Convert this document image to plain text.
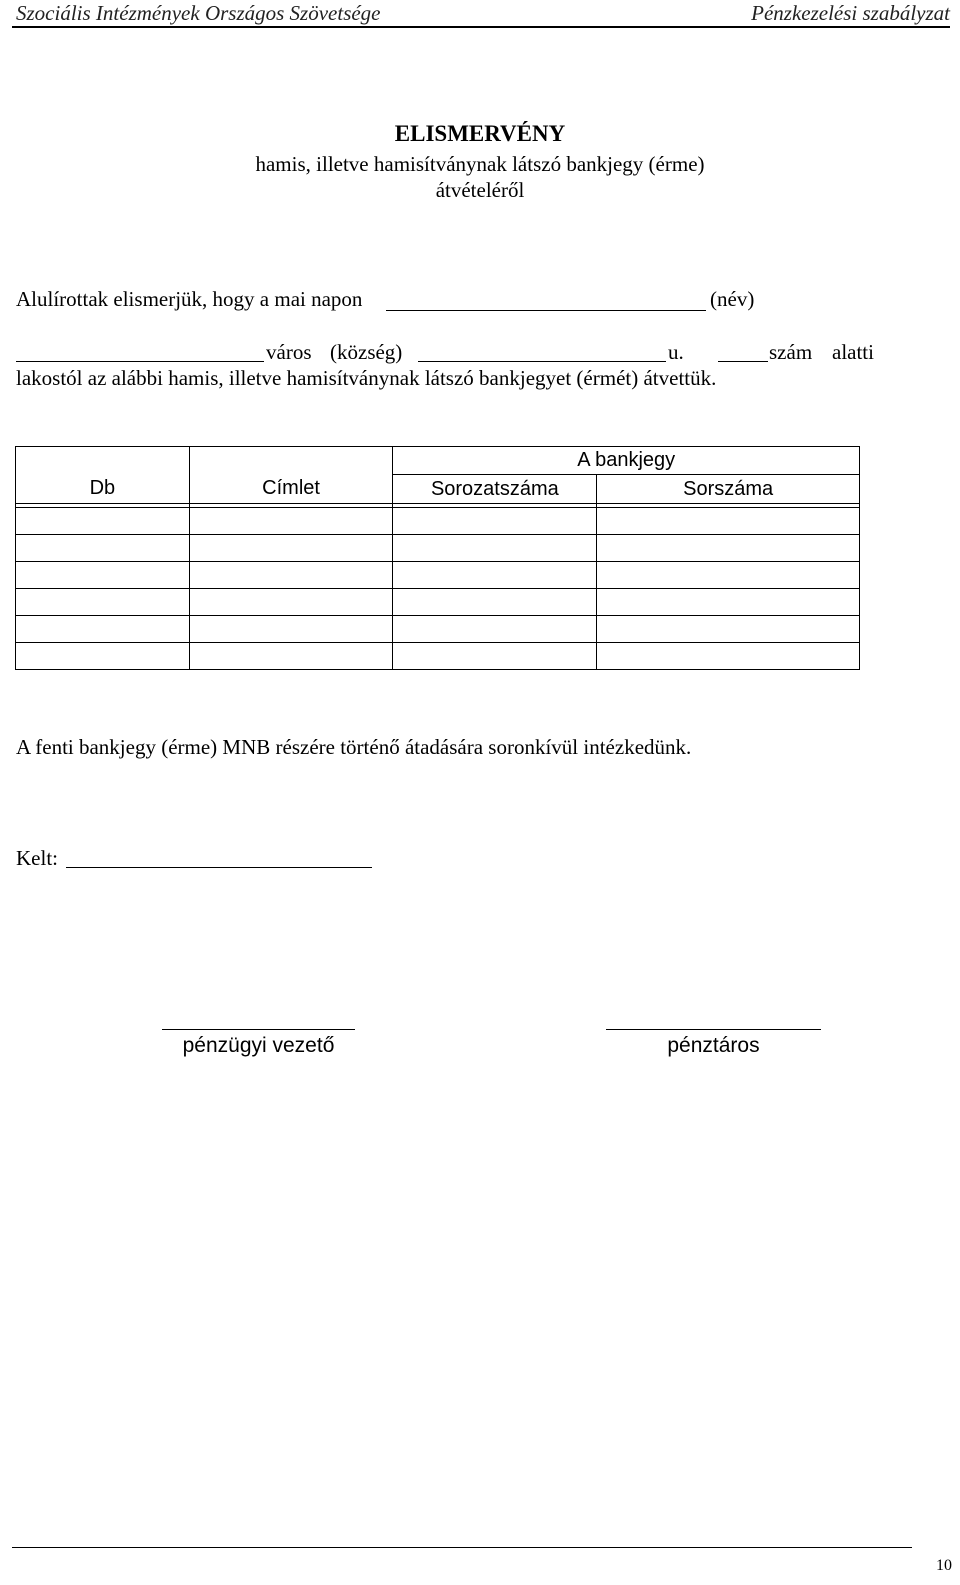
Szociális Intézmények Országos Szövetsége	Pénzkezelési szabályzat
ELISMERVÉNY
hamis, illetve hamisítványnak látszó bankjegy (érme)
átvételéről
Alulírottak elismerjük, hogy a mai napon	(név)
város (község)	u.	szám alatti
lakostól az alábbi hamis, illetve hamisítványnak látszó bankjegyet (érmét) átvettük.
		A bankjegy	
Db	Címlet	Sorozatszáma	Sorszáma

A fenti bankjegy (érme) MNB részére történő átadására soronkívül intézkedünk.
Kelt:
pénzügyi vezető	pénztáros
10
